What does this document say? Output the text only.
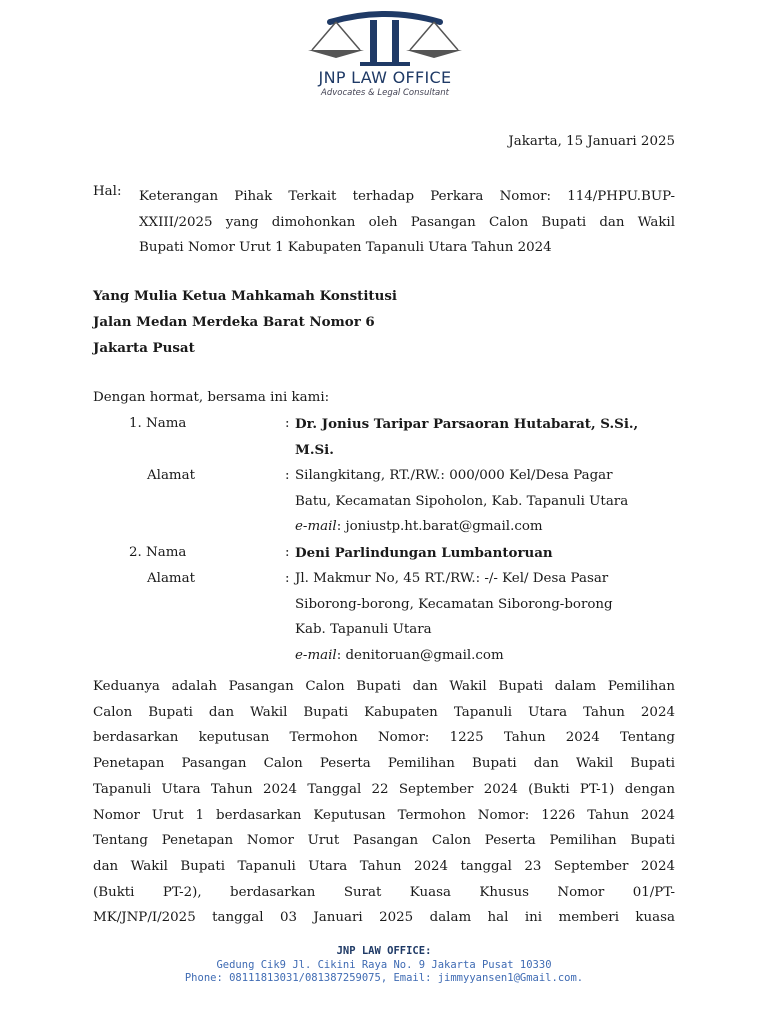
JNP LAW OFFICE
Advocates & Legal Consultant
Jakarta, 15 Januari 2025
Hal: Keterangan Pihak Terkait terhadap Perkara Nomor: 114/PHPU.BUP- XXIII/2025 yang dimohonkan oleh Pasangan Calon Bupati dan Wakil
Bupati Nomor Urut 1 Kabupaten Tapanuli Utara Tahun 2024
Yang Mulia Ketua Mahkamah Konstitusi
Jalan Medan Merdeka Barat Nomor 6
Jakarta Pusat
Dengan hormat, bersama ini kami:
1. Nama	: Dr. Jonius Taripar Parsaoran Hutabarat, S.Si.,
M.Si.
Alamat	: Silangkitang, RT./RW.: 000/000 Kel/Desa Pagar
Batu, Kecamatan Sipoholon, Kab. Tapanuli Utara
e-mail: joniustp.ht.barat@gmail.com
2. Nama	: Deni Parlindungan Lumbantoruan
Alamat	: Jl. Makmur No, 45 RT./RW.: -/- Kel/ Desa Pasar
Siborong-borong, Kecamatan Siborong-borong
Kab. Tapanuli Utara
e-mail: denitoruan@gmail.com
Keduanya adalah Pasangan Calon Bupati dan Wakil Bupati dalam Pemilihan
Calon Bupati dan Wakil Bupati Kabupaten Tapanuli Utara Tahun 2024
berdasarkan keputusan Termohon Nomor: 1225 Tahun 2024 Tentang
Penetapan Pasangan Calon Peserta Pemilihan Bupati dan Wakil Bupati
Tapanuli Utara Tahun 2024 Tanggal 22 September 2024 (Bukti PT-1) dengan
Nomor Urut 1 berdasarkan Keputusan Termohon Nomor: 1226 Tahun 2024
Tentang Penetapan Nomor Urut Pasangan Calon Peserta Pemilihan Bupati
dan Wakil Bupati Tapanuli Utara Tahun 2024 tanggal 23 September 2024
(Bukti PT-2), berdasarkan Surat Kuasa Khusus Nomor 01/PT-
MK/JNP/I/2025 tanggal 03 Januari 2025 dalam hal ini memberi kuasa
JNP LAW OFFICE:
Gedung Cik9 Jl. Cikini Raya No. 9 Jakarta Pusat 10330
Phone: 08111813031/081387259075, Email: jimmyyansen1@Gmail.com.
